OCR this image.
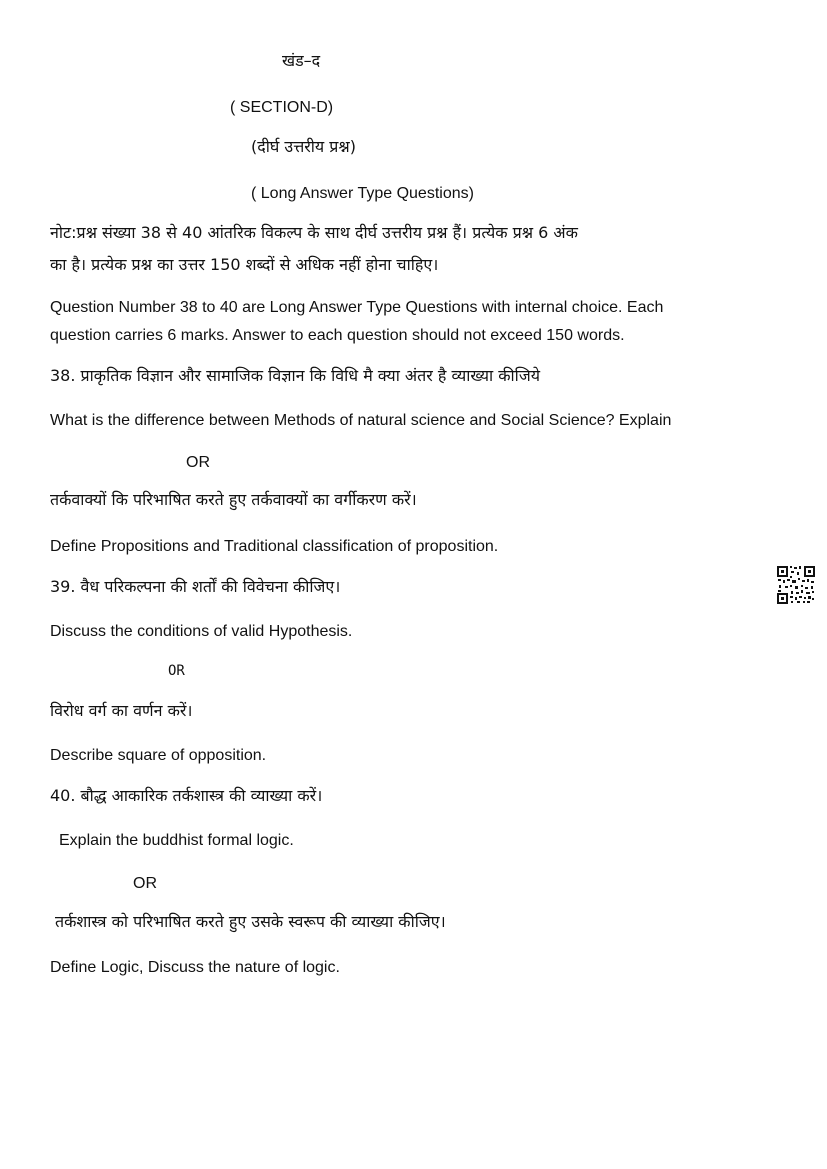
खंड–द
( SECTION-D)
(दीर्घ उत्तरीय प्रश्न)
( Long Answer Type Questions)
नोट:प्रश्न संख्या 38 से 40 आंतरिक विकल्प के साथ दीर्घ उत्तरीय प्रश्न हैं। प्रत्येक प्रश्न 6 अंक
का है। प्रत्येक प्रश्न का उत्तर 150 शब्दों से अधिक नहीं होना चाहिए।
Question Number 38 to 40 are Long Answer Type Questions with internal choice. Each
question carries 6 marks. Answer to each question should not exceed 150 words.
38. प्राकृतिक विज्ञान और सामाजिक विज्ञान कि विधि मै क्या अंतर है व्याख्या कीजिये
What is the difference between Methods of natural science and Social Science? Explain
OR
तर्कवाक्यों कि परिभाषित करते हुए तर्कवाक्यों का वर्गीकरण करें।
Define Propositions and Traditional classification of proposition.
39. वैध परिकल्पना की शर्तों की विवेचना कीजिए।
Discuss the conditions of valid Hypothesis.
OR
विरोध वर्ग का वर्णन करें।
Describe square of opposition.
40. बौद्ध आकारिक तर्कशास्त्र की व्याख्या करें।
Explain the buddhist formal logic.
OR
तर्कशास्त्र को परिभाषित करते हुए उसके स्वरूप की व्याख्या कीजिए।
Define Logic, Discuss the nature of logic.
